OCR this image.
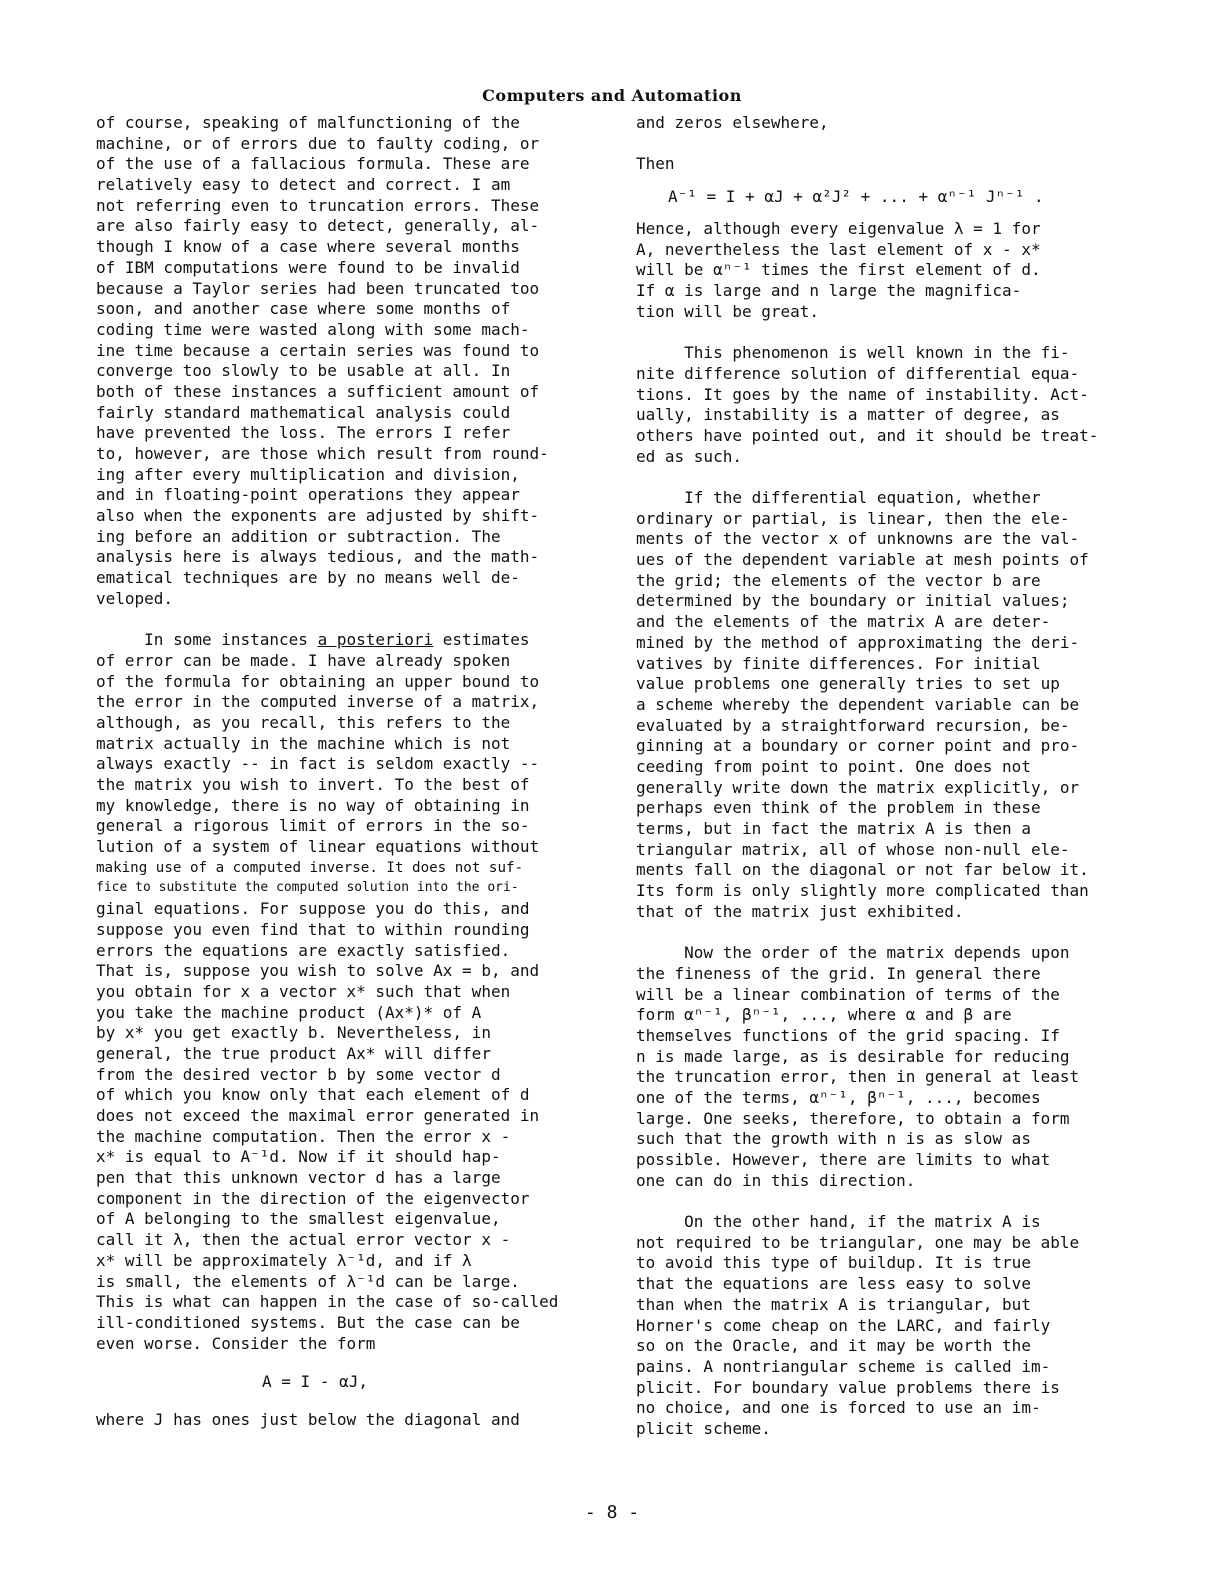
Computers and Automation
of course, speaking of malfunctioning of the
machine, or of errors due to faulty coding, or
of the use of a fallacious formula. These are
relatively easy to detect and correct. I am
not referring even to truncation errors. These
are also fairly easy to detect, generally, al-
though I know of a case where several months
of IBM computations were found to be invalid
because a Taylor series had been truncated too
soon, and another case where some months of
coding time were wasted along with some mach-
ine time because a certain series was found to
converge too slowly to be usable at all. In
both of these instances a sufficient amount of
fairly standard mathematical analysis could
have prevented the loss. The errors I refer
to, however, are those which result from round-
ing after every multiplication and division,
and in floating-point operations they appear
also when the exponents are adjusted by shift-
ing before an addition or subtraction. The
analysis here is always tedious, and the math-
ematical techniques are by no means well de-
veloped.
In some instances a posteriori estimates
of error can be made. I have already spoken
of the formula for obtaining an upper bound to
the error in the computed inverse of a matrix,
although, as you recall, this refers to the
matrix actually in the machine which is not
always exactly -- in fact is seldom exactly --
the matrix you wish to invert. To the best of
my knowledge, there is no way of obtaining in
general a rigorous limit of errors in the so-
lution of a system of linear equations without
making use of a computed inverse. It does not suf-
fice to substitute the computed solution into the ori-
ginal equations. For suppose you do this, and
suppose you even find that to within rounding
errors the equations are exactly satisfied.
That is, suppose you wish to solve Ax = b, and
you obtain for x a vector x* such that when
you take the machine product (Ax*)* of A
by x* you get exactly b. Nevertheless, in
general, the true product Ax* will differ
from the desired vector b by some vector d
of which you know only that each element of d
does not exceed the maximal error generated in
the machine computation. Then the error x -
x* is equal to A⁻¹d. Now if it should hap-
pen that this unknown vector d has a large
component in the direction of the eigenvector
of A belonging to the smallest eigenvalue,
call it λ, then the actual error vector x -
x* will be approximately λ⁻¹d, and if λ
is small, the elements of λ⁻¹d can be large.
This is what can happen in the case of so-called
ill-conditioned systems. But the case can be
even worse. Consider the form
A = I - αJ,
where J has ones just below the diagonal and
and zeros elsewhere,
Then
A⁻¹ = I + αJ + α²J² + ... + αⁿ⁻¹ Jⁿ⁻¹ .
Hence, although every eigenvalue λ = 1 for
A, nevertheless the last element of x - x*
will be αⁿ⁻¹ times the first element of d.
If α is large and n large the magnifica-
tion will be great.
This phenomenon is well known in the fi-
nite difference solution of differential equa-
tions. It goes by the name of instability. Act-
ually, instability is a matter of degree, as
others have pointed out, and it should be treat-
ed as such.
If the differential equation, whether
ordinary or partial, is linear, then the ele-
ments of the vector x of unknowns are the val-
ues of the dependent variable at mesh points of
the grid; the elements of the vector b are
determined by the boundary or initial values;
and the elements of the matrix A are deter-
mined by the method of approximating the deri-
vatives by finite differences. For initial
value problems one generally tries to set up
a scheme whereby the dependent variable can be
evaluated by a straightforward recursion, be-
ginning at a boundary or corner point and pro-
ceeding from point to point. One does not
generally write down the matrix explicitly, or
perhaps even think of the problem in these
terms, but in fact the matrix A is then a
triangular matrix, all of whose non-null ele-
ments fall on the diagonal or not far below it.
Its form is only slightly more complicated than
that of the matrix just exhibited.
Now the order of the matrix depends upon
the fineness of the grid. In general there
will be a linear combination of terms of the
form αⁿ⁻¹, βⁿ⁻¹, ..., where α and β are
themselves functions of the grid spacing. If
n is made large, as is desirable for reducing
the truncation error, then in general at least
one of the terms, αⁿ⁻¹, βⁿ⁻¹, ..., becomes
large. One seeks, therefore, to obtain a form
such that the growth with n is as slow as
possible. However, there are limits to what
one can do in this direction.
On the other hand, if the matrix A is
not required to be triangular, one may be able
to avoid this type of buildup. It is true
that the equations are less easy to solve
than when the matrix A is triangular, but
Horner's come cheap on the LARC, and fairly
so on the Oracle, and it may be worth the
pains. A nontriangular scheme is called im-
plicit. For boundary value problems there is
no choice, and one is forced to use an im-
plicit scheme.
- 8 -
